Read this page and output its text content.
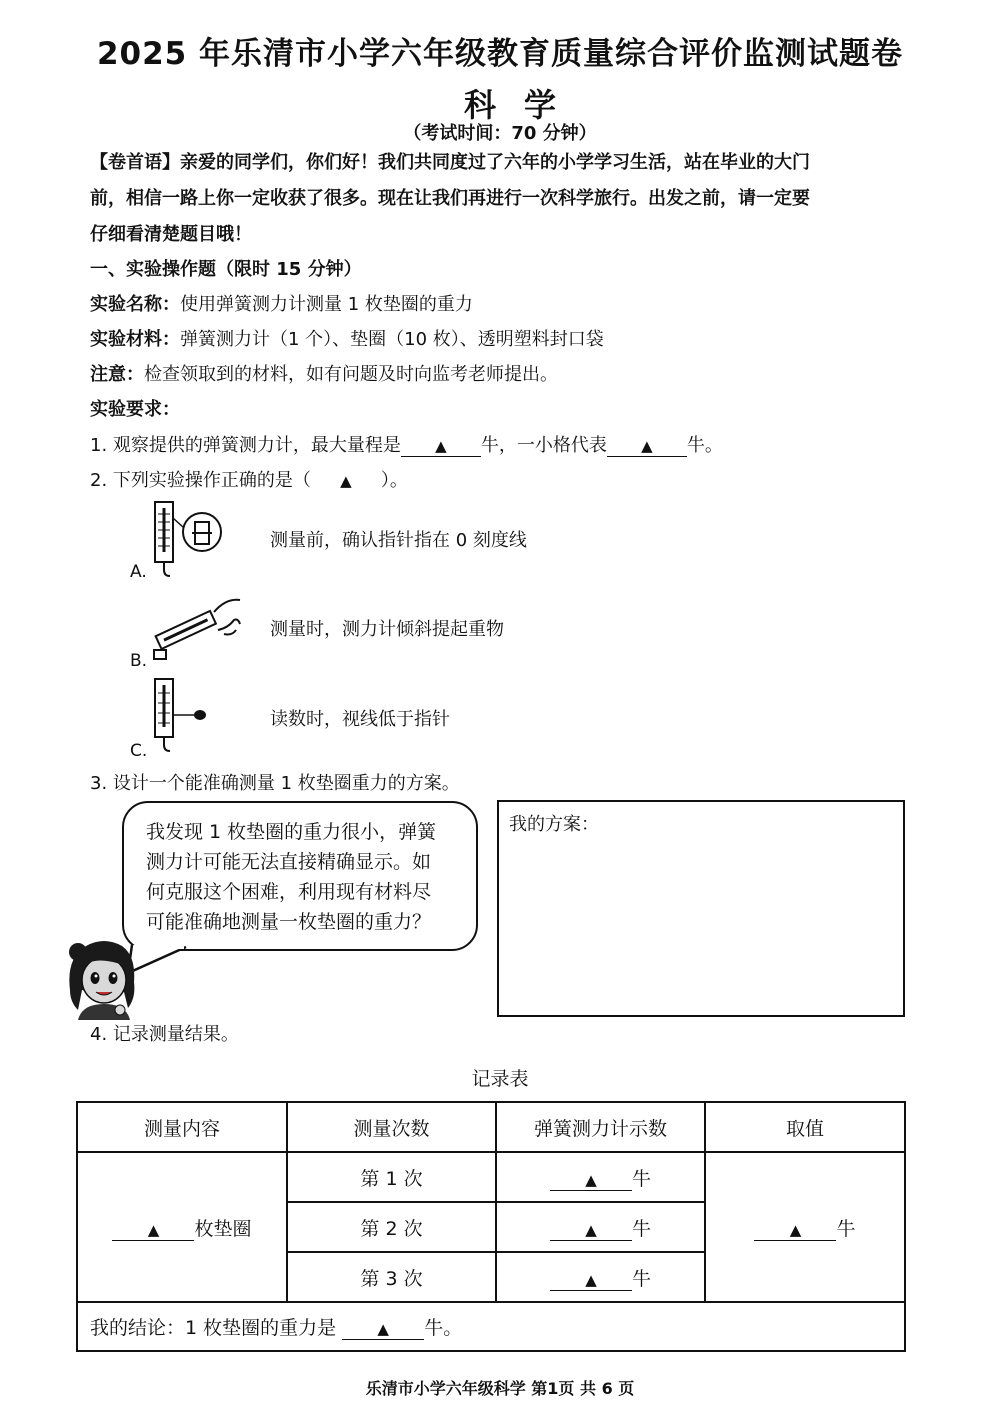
2025 年乐清市小学六年级教育质量综合评价监测试题卷
科学
（考试时间：70 分钟）
【卷首语】亲爱的同学们，你们好！我们共同度过了六年的小学学习生活，站在毕业的大门
前，相信一路上你一定收获了很多。现在让我们再进行一次科学旅行。出发之前，请一定要
仔细看清楚题目哦！
一、实验操作题（限时 15 分钟）
实验名称：使用弹簧测力计测量 1 枚垫圈的重力
实验材料：弹簧测力计（1 个）、垫圈（10 枚）、透明塑料封口袋
注意：检查领取到的材料，如有问题及时向监考老师提出。
实验要求：
1. 观察提供的弹簧测力计，最大量程是 ▲ 牛，一小格代表 ▲ 牛。
2. 下列实验操作正确的是（ ▲ ）。
A.
测量前，确认指针指在 0 刻度线
B.
测量时，测力计倾斜提起重物
C.
读数时，视线低于指针
3. 设计一个能准确测量 1 枚垫圈重力的方案。
我发现 1 枚垫圈的重力很小，弹簧
测力计可能无法直接精确显示。如
何克服这个困难，利用现有材料尽
可能准确地测量一枚垫圈的重力？
我的方案：
4. 记录测量结果。
记录表
测量内容	测量次数	弹簧测力计示数	取值
▲ 枚垫圈	第 1 次	▲ 牛	▲ 牛
	第 2 次	▲ 牛	
	第 3 次	▲ 牛	
我的结论：1 枚垫圈的重力是 ▲ 牛。			
乐清市小学六年级科学 第1页 共 6 页
